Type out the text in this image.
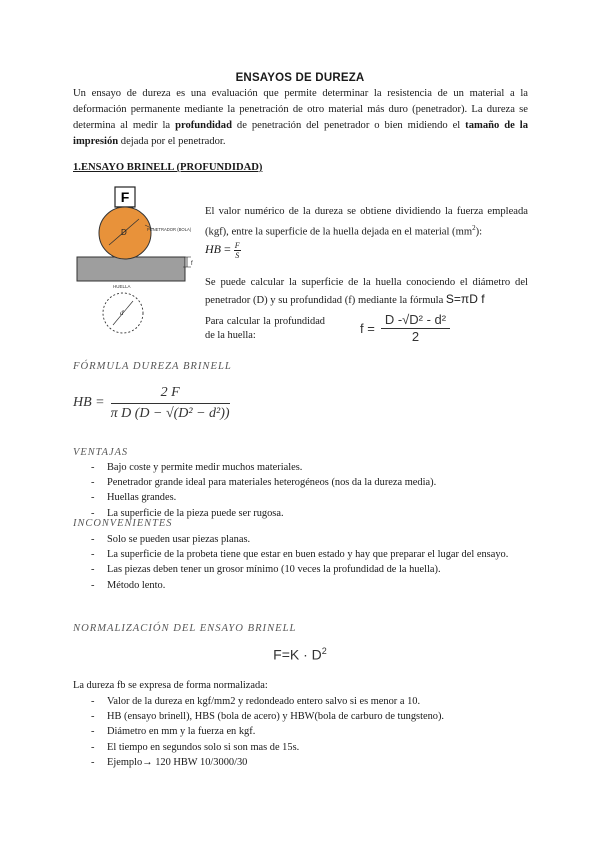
ENSAYOS DE DUREZA
Un ensayo de dureza es una evaluación que permite determinar la resistencia de un material a la deformación permanente mediante la penetración de otro material más duro (penetrador). La dureza se determina al medir la profundidad de penetración del penetrador o bien midiendo el tamaño de la impresión dejada por el penetrador.
1.ENSAYO BRINELL (PROFUNDIDAD)
F
D	PENETRADOR (BOLA)
f
HUELLA
d
El valor numérico de la dureza se obtiene dividiendo la fuerza empleada (kgf), entre la superficie de la huella dejada en el material $(mm^2)$:
HB = $\frac{F}{S}$
Se puede calcular la superficie de la huella conociendo el diámetro del penetrador (D) y su profundidad (f) mediante la fórmula S=πD f
Para calcular la profundidad de la huella:	$f = \frac{\text{D -√D² - d²}}{2}$
FÓRMULA DUREZA BRINELL
HB = $\frac{2 F}{\text{π D (D − √(D² − d²))}}$
VENTAJAS
- Bajo coste y permite medir muchos materiales.
- Penetrador grande ideal para materiales heterogéneos (nos da la dureza media).
- Huellas grandes.
- La superficie de la pieza puede ser rugosa.
INCONVENIENTES
- Solo se pueden usar piezas planas.
- La superficie de la probeta tiene que estar en buen estado y hay que preparar el lugar del ensayo.
- Las piezas deben tener un grosor mínimo (10 veces la profundidad de la huella).
- Método lento.
NORMALIZACIÓN DEL ENSAYO BRINELL
$F=K \cdot D^2$
La dureza fb se expresa de forma normalizada:
- Valor de la dureza en kgf/mm2 y redondeado entero salvo si es menor a 10.
- HB (ensayo brinell), HBS (bola de acero) y HBW(bola de carburo de tungsteno).
- Diámetro en mm y la fuerza en kgf.
- El tiempo en segundos solo si son mas de 15s.
- Ejemplo→ 120 HBW 10/3000/30
